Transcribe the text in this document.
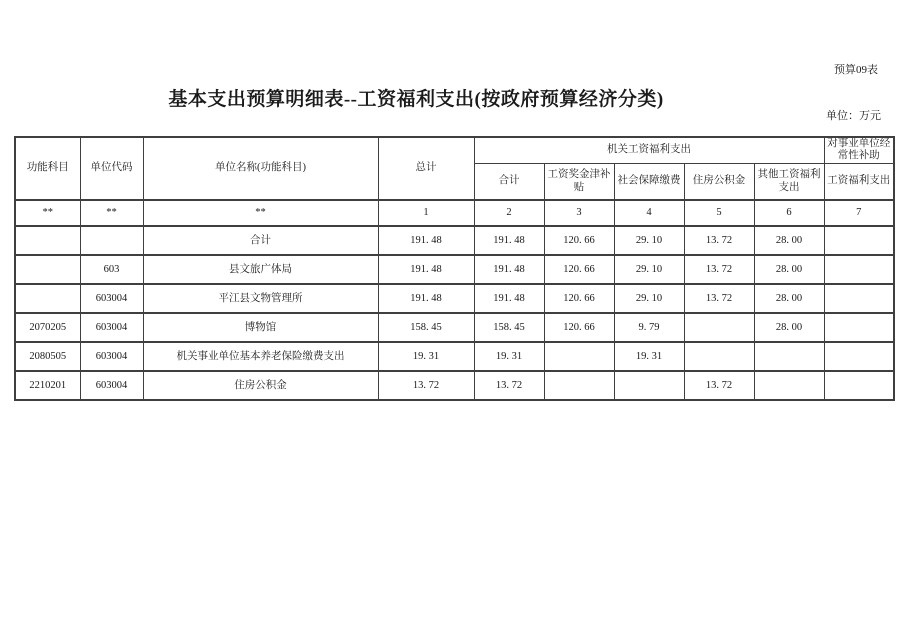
预算09表
基本支出预算明细表--工资福利支出(按政府预算经济分类)
单位：万元
功能科目	单位代码	单位名称(功能科目)	总计	机关工资福利支出					对事业单位经常性补助
				合计	工资奖金津补贴	社会保障缴费	住房公积金	其他工资福利支出	工资福利支出
**	**	**	1	2	3	4	5	6	7
		合计	191. 48	191. 48	120. 66	29. 10	13. 72	28. 00	
	603	县文旅广体局	191. 48	191. 48	120. 66	29. 10	13. 72	28. 00	
	603004	平江县文物管理所	191. 48	191. 48	120. 66	29. 10	13. 72	28. 00	
2070205	603004	博物馆	158. 45	158. 45	120. 66	9. 79		28. 00	
2080505	603004	机关事业单位基本养老保险缴费支出	19. 31	19. 31		19. 31			
2210201	603004	住房公积金	13. 72	13. 72			13. 72		
